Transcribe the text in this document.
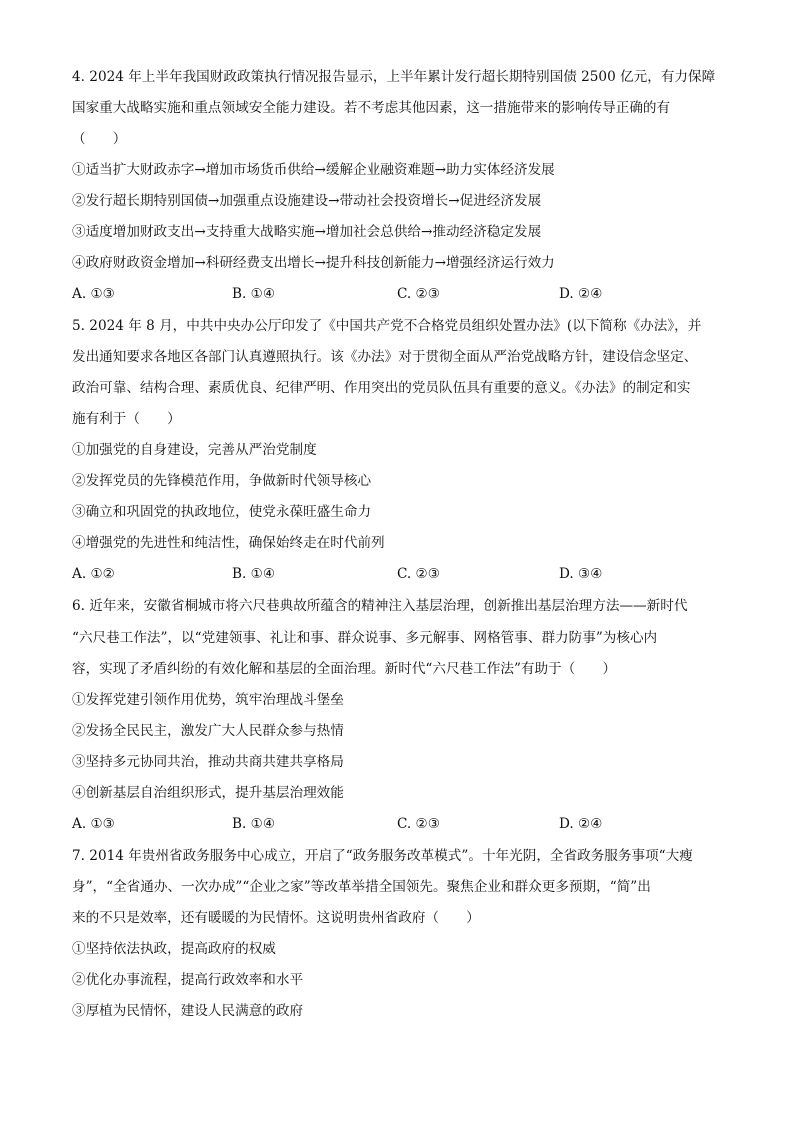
4. 2024 年上半年我国财政政策执行情况报告显示，上半年累计发行超长期特别国债 2500 亿元，有力保障
国家重大战略实施和重点领域安全能力建设。若不考虑其他因素，这一措施带来的影响传导正确的有
（　　）
①适当扩大财政赤字→增加市场货币供给→缓解企业融资难题→助力实体经济发展
②发行超长期特别国债→加强重点设施建设→带动社会投资增长→促进经济发展
③适度增加财政支出→支持重大战略实施→增加社会总供给→推动经济稳定发展
④政府财政资金增加→科研经费支出增长→提升科技创新能力→增强经济运行效力
A. ①③	B. ①④	C. ②③	D. ②④
5. 2024 年 8 月，中共中央办公厅印发了《中国共产党不合格党员组织处置办法》(以下简称《办法》，并
发出通知要求各地区各部门认真遵照执行。该《办法》对于贯彻全面从严治党战略方针，建设信念坚定、
政治可靠、结构合理、素质优良、纪律严明、作用突出的党员队伍具有重要的意义。《办法》的制定和实
施有利于（　　）
①加强党的自身建设，完善从严治党制度
②发挥党员的先锋模范作用，争做新时代领导核心
③确立和巩固党的执政地位，使党永葆旺盛生命力
④增强党的先进性和纯洁性，确保始终走在时代前列
A. ①②	B. ①④	C. ②③	D. ③④
6. 近年来，安徽省桐城市将六尺巷典故所蕴含的精神注入基层治理，创新推出基层治理方法——新时代
“六尺巷工作法”，以“党建领事、礼让和事、群众说事、多元解事、网格管事、群力防事”为核心内
容，实现了矛盾纠纷的有效化解和基层的全面治理。新时代“六尺巷工作法”有助于（　　）
①发挥党建引领作用优势，筑牢治理战斗堡垒
②发扬全民民主，激发广大人民群众参与热情
③坚持多元协同共治，推动共商共建共享格局
④创新基层自治组织形式，提升基层治理效能
A. ①③	B. ①④	C. ②③	D. ②④
7. 2014 年贵州省政务服务中心成立，开启了“政务服务改革模式”。十年光阴，全省政务服务事项“大瘦
身”，“全省通办、一次办成”“企业之家”等改革举措全国领先。聚焦企业和群众更多预期，“简”出
来的不只是效率，还有暖暖的为民情怀。这说明贵州省政府（　　）
①坚持依法执政，提高政府的权威
②优化办事流程，提高行政效率和水平
③厚植为民情怀，建设人民满意的政府
